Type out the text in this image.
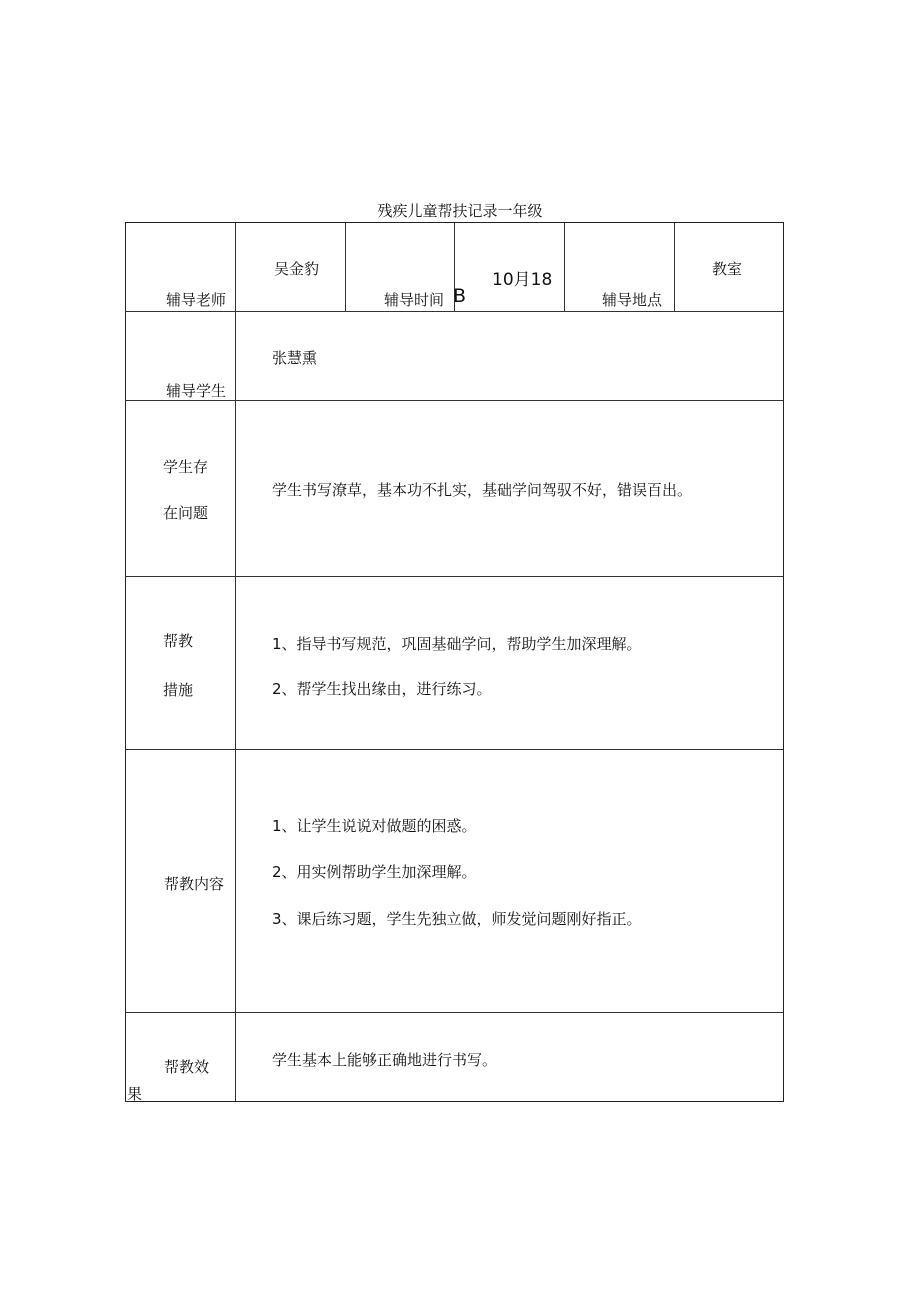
残疾儿童帮扶记录一年级
辅导老师
吴金豹
辅导时间 B
10月18
辅导地点
教室
辅导学生
张慧熏
学生存
在问题
学生书写潦草，基本功不扎实，基础学问驾驭不好，错误百出。
帮教
措施
1、指导书写规范，巩固基础学问，帮助学生加深理解。
2、帮学生找出缘由，进行练习。
帮教内容
1、让学生说说对做题的困惑。
2、用实例帮助学生加深理解。
3、课后练习题，学生先独立做，师发觉问题刚好指正。
帮教效
果
学生基本上能够正确地进行书写。
